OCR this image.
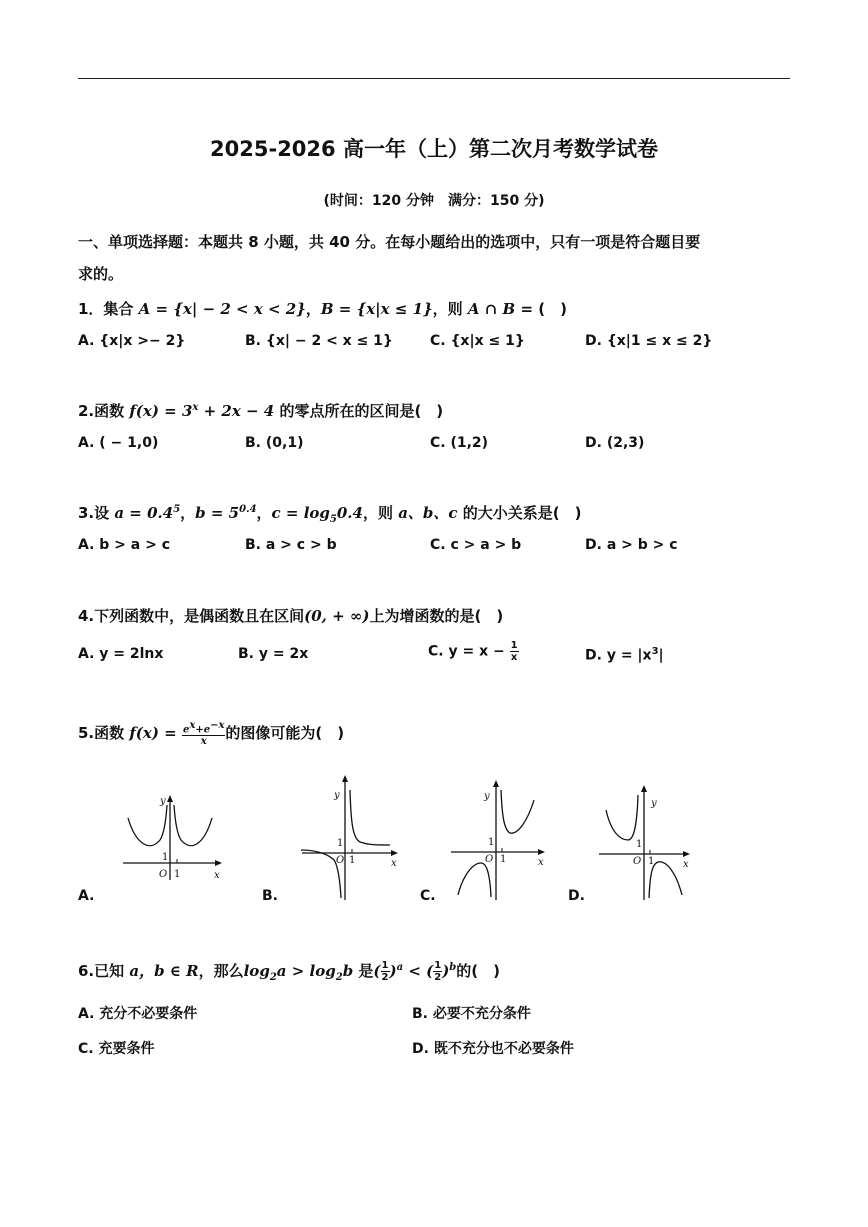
2025-2026 高一年（上）第二次月考数学试卷
(时间：120 分钟　满分：150 分)
一、单项选择题：本题共 8 小题，共 40 分。在每小题给出的选项中，只有一项是符合题目要
求的。
1．集合 A = {x| − 2 < x < 2}，B = {x|x ≤ 1}，则 A ∩ B = (　)
A. {x|x >− 2}	B. {x| − 2 < x ≤ 1}	C. {x|x ≤ 1}	D. {x|1 ≤ x ≤ 2}
2.函数 $f(x) = 3^x + 2x - 4$ 的零点所在的区间是(　)
A. ( − 1,0)	B. (0,1)	C. (1,2)	D. (2,3)
3.设 $a = 0.4^5$，$b = 5^{0.4}$，$c = \log_50.4$，则 a、b、c 的大小关系是(　)
A. b > a > c	B. a > c > b	C. c > a > b	D. a > b > c
4.下列函数中，是偶函数且在区间(0, + ∞)上为增函数的是(　)
A. y = 2lnx	B. y = 2x	C. $y = x - \frac{1}{x}$	D. $y = |x^3|$
5.函数 $f(x) = \frac{e^x+e^{-x}}{x}$ 的图像可能为(　)
y
x
O 1
1
A.
y
x
O 1
1
B.
y
x
O 1
1
C.
y
x
O 1
1
D.
6.已知 a，b ∈ R，那么$\log_2a > \log_2b$ 是( $\frac{1}{2} )^a$ < ( $\frac{1}{2} )^b$的(　)
A. 充分不必要条件	B. 必要不充分条件
C. 充要条件	D. 既不充分也不必要条件
